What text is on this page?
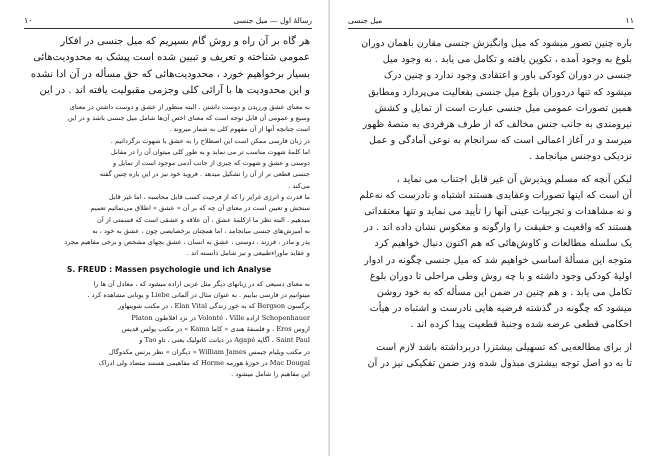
۱۰	رسالهٔ اول — میل جنسی
هر گاه بر آن راه و روش گام بسپریم که میل جنسی در افکار
عمومی شناخته و تعریف و تبیین شده است پیشک به محدودیت‌هائی
بسیار برخواهیم خورد ، محدودیت‌هائی که حق مسأله در آن ادا نشده
و این محدودیت ها با آرائی کلی وجزمی مقبولیت یافته اند . در این
به معنای عشق ورزیدن و دوست داشتن . البته منظور از عشق و دوست داشتن در معنای
وسیع و عمومی آن قابل توجه است که معنای اخص آن‌ها شامل میل جنسی باشد و در این
است چنانچه آنها از آن مفهوم کلی به شمار میروند .
در زبان فارسی ممکن است این اصطلاح را به عشق یا شهوت برگردانیم .
اما کلمهٔ شهوت مناسب تر می نماید و به طور کلی میتوان آن را در مقابل
دوستی و عشق و شهوت که چیزی از جانب آدمی موجود است از تمایل و
جنسی قطعی تر از آن را تشکیل میدهد . فروید خود نیز در این باره چنین گفته
می‌کند .
ما قدرت و انرژی غرایز را که از فرجیت کسب قابل محاسبه ، اما غیر قابل
سنجش و تعیین است در معنای آن چه که بر آن « عشق » اطلاق می‌نمائیم تعمیم
میدهیم . البته نظر ما ازکلمهٔ عشق ، آن علاقه و عشقی است که قسمتی از آن
به آمیزش‌های جنسی میانجامد ، اما همچنان برخصایصی چون ، عشق به خود ، به
پدر و مادر ، فرزند ، دوستی ، عشق به انسان ، عشق بجهای مشخص و برخی مفاهیم مجرد
و عقاید ماوراءطبیعی و نیز شامل دانسته اند .
S. FREUD : Massen psychologie und ich Analyse
به معنای دسیعی که در زبانهای دیگر مثل عربی اراده میشود که ، معادل آن ها را
میتوانیم در فارسی بیابیم . به عنوان مثال در آلمانی Liebe و یونانی مشاهده کرد .
برگسون Bergson که به خور زندگی Elan Vital ، در مکتب شوپنهاور
Schopenhauer اراده Volonté ، Ville در نزد افلاطون Platon
اروس Eros ، و فلسفهٔ هندی « کاما Kama » در مکتب پولس قدیس
Saint Paul ، آگاپه Agapé در دیانت کاتولیک یعنی ، تاو Tao و
در مکتب ویلیام جیمس William James « دیگران » نظر پرنس مکدوگال
Mac Dougal در حوزهٔ هورمه Horme که مفاهیمی هستند متضاد ولی ادراک
این مفاهیم را شامل میشود .
میل جنسی	۱۱
باره چنین تصور میشود که میل وانگیزش جنسی مقارن باهمان دوران
بلوغ به وجود آمده ، تکوین یافته و تکامل می یابد . به وجود میل
جنسی در دوران کودکی باور و اعتقادی وجود ندارد و چنین درک
میشود که تنها دردوران بلوغ میل جنسی بفعالیت می‌پردازد ومطابق
همین تصورات عمومی میل جنسی عبارت است از تمایل و کشش
نیرومندی به جانب جنس مخالف که از طرف هرفردی به منصهٔ ظهور
میرسد و در آغاز اعمالی است که سرانجام به نوعی آمادگی و عمل
نزدیکی دوجنس میانجامد .
لیکن آنچه که مسلم وپذیرش آن غیر قابل اجتناب می نماید ،
آن است که اینها تصورات وعقایدی هستند اشتباه و نادرست که نه‌علم
و نه مشاهدات و تجربیات عینی آنها را تأیید می نماید و تنها معتقداتی
هستند که واقعیت و حقیقت را وارگونه و معکوس نشان داده اند . در
یک سلسله مطالعات و کاوش‌هائی که هم اکنون دنبال خواهیم کرد
متوجه این مسألهٔ اساسی خواهیم شد که میل جنسی چگونه در ادوار
اولیهٔ کودکی وجود داشته و با چه روش وطی مراحلی تا دوران بلوغ
تکامل می یابد . و هم چنین در ضمن این مسأله که به خود روشن
میشود که چگونه در گذشته فرضیه هایی نادرست و اشتباه در هیأت
احکامی قطعی عرضه شده وجنبهٔ قطعیت پیدا کرده اند .
از برای مطالعه‌یی که تسهیلی بیشتررا دربرداشته باشد لازم است
تا به دو اصل توجه بیشتری مبذول شده ودر ضمن تفکیکی نیز در آن
